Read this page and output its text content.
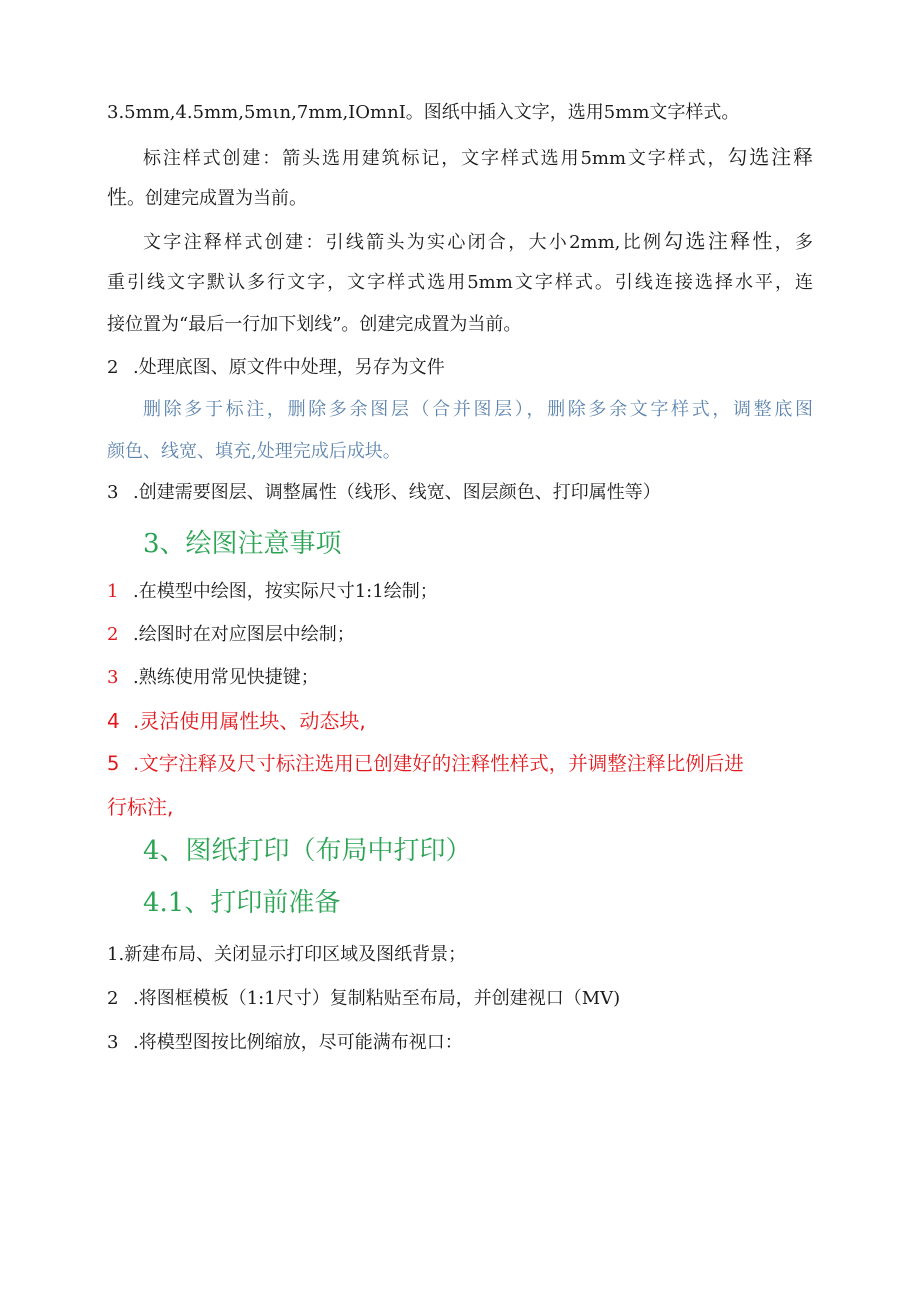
3.5mm,4.5mm,5mιn,7mm,IOmnI。图纸中插入文字，选用5mm文字样式。
标注样式创建：箭头选用建筑标记，文字样式选用5mm文字样式，勾选注释
性。创建完成置为当前。
文字注释样式创建：引线箭头为实心闭合，大小2mm,比例勾选注释性，多
重引线文字默认多行文字，文字样式选用5mm文字样式。引线连接选择水平，连
接位置为“最后一行加下划线”。创建完成置为当前。
2 .处理底图、原文件中处理，另存为文件
删除多于标注，删除多余图层（合并图层），删除多余文字样式，调整底图
颜色、线宽、填充,处理完成后成块。
3 .创建需要图层、调整属性（线形、线宽、图层颜色、打印属性等）
3、绘图注意事项
1 .在模型中绘图，按实际尺寸1:1绘制；
2 .绘图时在对应图层中绘制；
3 .熟练使用常见快捷键；
4 .灵活使用属性块、动态块,
5 .文字注释及尺寸标注选用已创建好的注释性样式，并调整注释比例后进
行标注,
4、图纸打印（布局中打印）
4.1、打印前准备
1.新建布局、关闭显示打印区域及图纸背景；
2 .将图框模板（1:1尺寸）复制粘贴至布局，并创建视口（MV)
3 .将模型图按比例缩放，尽可能满布视口：
